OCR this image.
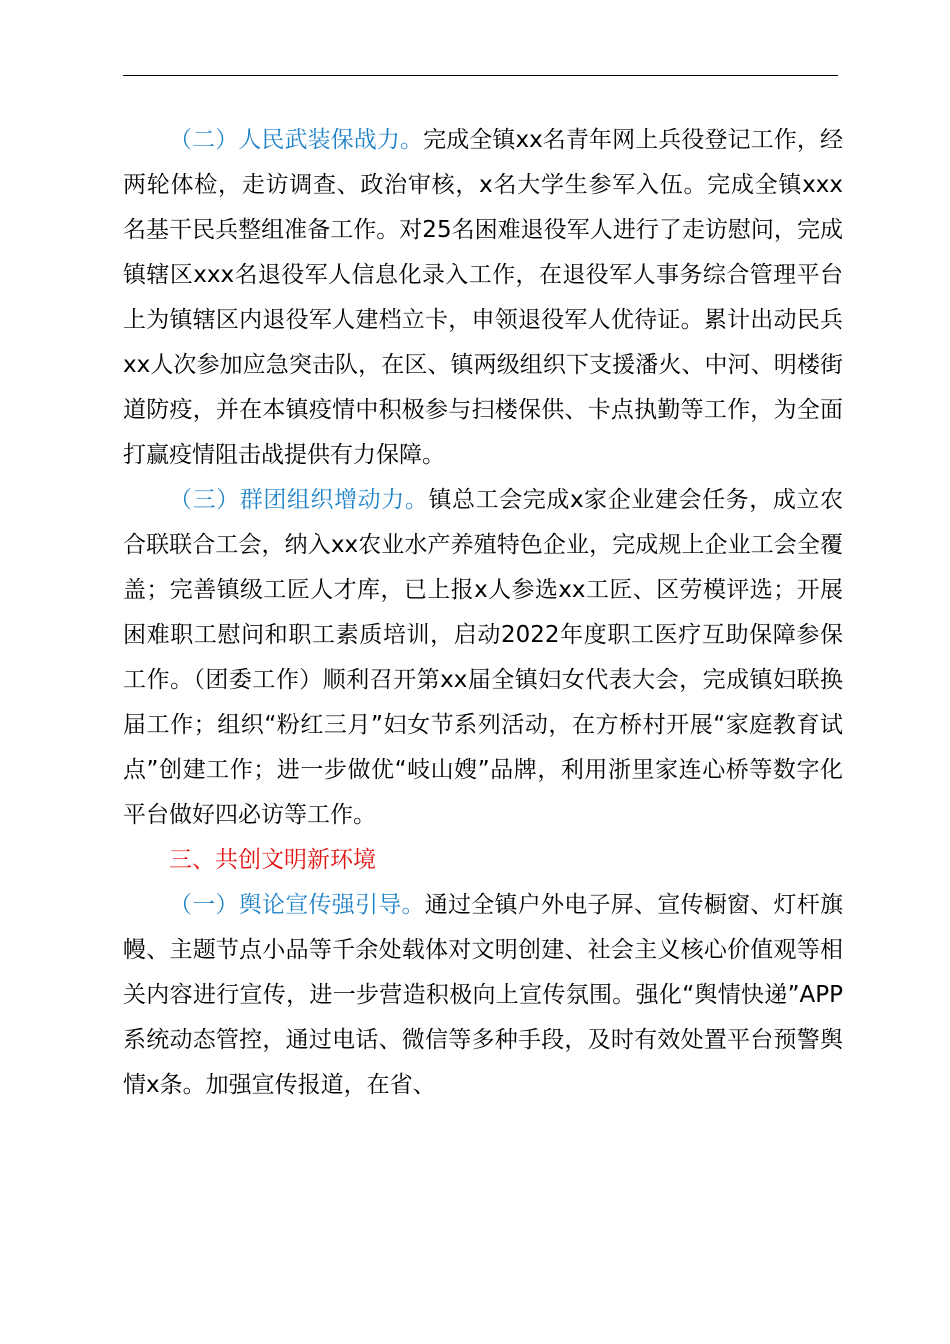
（二）人民武装保战力。完成全镇xx名青年网上兵役登记工作，经两轮体检，走访调查、政治审核，x名大学生参军入伍。完成全镇xxx名基干民兵整组准备工作。对25名困难退役军人进行了走访慰问，完成镇辖区xxx名退役军人信息化录入工作，在退役军人事务综合管理平台上为镇辖区内退役军人建档立卡，申领退役军人优待证。累计出动民兵xx人次参加应急突击队，在区、镇两级组织下支援潘火、中河、明楼街道防疫，并在本镇疫情中积极参与扫楼保供、卡点执勤等工作，为全面打赢疫情阻击战提供有力保障。

（三）群团组织增动力。镇总工会完成x家企业建会任务，成立农合联联合工会，纳入xx农业水产养殖特色企业，完成规上企业工会全覆盖；完善镇级工匠人才库，已上报x人参选xx工匠、区劳模评选；开展困难职工慰问和职工素质培训，启动2022年度职工医疗互助保障参保工作。（团委工作）顺利召开第xx届全镇妇女代表大会，完成镇妇联换届工作；组织“粉红三月”妇女节系列活动，在方桥村开展“家庭教育试点”创建工作；进一步做优“岐山嫂”品牌，利用浙里家连心桥等数字化平台做好四必访等工作。

三、共创文明新环境

（一）舆论宣传强引导。通过全镇户外电子屏、宣传橱窗、灯杆旗幔、主题节点小品等千余处载体对文明创建、社会主义核心价值观等相关内容进行宣传，进一步营造积极向上宣传氛围。强化“舆情快递”APP系统动态管控，通过电话、微信等多种手段，及时有效处置平台预警舆情x条。加强宣传报道，在省、
